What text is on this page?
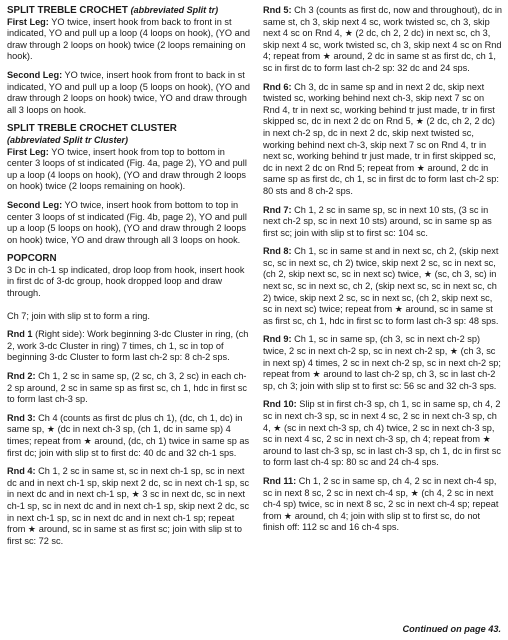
SPLIT TREBLE CROCHET (abbreviated Split tr)

First Leg: YO twice, insert hook from back to front in st indicated, YO and pull up a loop (4 loops on hook), (YO and draw through 2 loops on hook) twice (2 loops remaining on hook).

Second Leg: YO twice, insert hook from front to back in st indicated, YO and pull up a loop (5 loops on hook), (YO and draw through 2 loops on hook) twice, YO and draw through all 3 loops on hook.

SPLIT TREBLE CROCHET CLUSTER

(abbreviated Split tr Cluster)

First Leg: YO twice, insert hook from top to bottom in center 3 loops of st indicated (Fig. 4a, page 2), YO and pull up a loop (4 loops on hook), (YO and draw through 2 loops on hook) twice (2 loops remaining on hook).

Second Leg: YO twice, insert hook from bottom to top in center 3 loops of st indicated (Fig. 4b, page 2), YO and pull up a loop (5 loops on hook), (YO and draw through 2 loops on hook) twice, YO and draw through all 3 loops on hook.

POPCORN

3 Dc in ch-1 sp indicated, drop loop from hook, insert hook in first dc of 3-dc group, hook dropped loop and draw through.

Ch 7; join with slip st to form a ring.

Rnd 1 (Right side): Work beginning 3-dc Cluster in ring, (ch 2, work 3-dc Cluster in ring) 7 times, ch 1, sc in top of beginning 3-dc Cluster to form last ch-2 sp: 8 ch-2 sps.

Rnd 2: Ch 1, 2 sc in same sp, (2 sc, ch 3, 2 sc) in each ch-2 sp around, 2 sc in same sp as first sc, ch 1, hdc in first sc to form last ch-3 sp.

Rnd 3: Ch 4 (counts as first dc plus ch 1), (dc, ch 1, dc) in same sp, ★ (dc in next ch-3 sp, (ch 1, dc in same sp) 4 times; repeat from ★ around, (dc, ch 1) twice in same sp as first dc; join with slip st to first dc: 40 dc and 32 ch-1 sps.

Rnd 4: Ch 1, 2 sc in same st, sc in next ch-1 sp, sc in next dc and in next ch-1 sp, skip next 2 dc, sc in next ch-1 sp, sc in next dc and in next ch-1 sp, ★ 3 sc in next dc, sc in next ch-1 sp, sc in next dc and in next ch-1 sp, skip next 2 dc, sc in next ch-1 sp, sc in next dc and in next ch-1 sp; repeat from ★ around, sc in same st as first sc; join with slip st to first sc: 72 sc.

Rnd 5: Ch 3 (counts as first dc, now and throughout), dc in same st, ch 3, skip next 4 sc, work twisted sc, ch 3, skip next 4 sc on Rnd 4, ★ (2 dc, ch 2, 2 dc) in next sc, ch 3, skip next 4 sc, work twisted sc, ch 3, skip next 4 sc on Rnd 4; repeat from ★ around, 2 dc in same st as first dc, ch 1, sc in first dc to form last ch-2 sp: 32 dc and 24 sps.

Rnd 6: Ch 3, dc in same sp and in next 2 dc, skip next twisted sc, working behind next ch-3, skip next 7 sc on Rnd 4, tr in next sc, working behind tr just made, tr in first skipped sc, dc in next 2 dc on Rnd 5, ★ (2 dc, ch 2, 2 dc) in next ch-2 sp, dc in next 2 dc, skip next twisted sc, working behind next ch-3, skip next 7 sc on Rnd 4, tr in next sc, working behind tr just made, tr in first skipped sc, dc in next 2 dc on Rnd 5; repeat from ★ around, 2 dc in same sp as first dc, ch 1, sc in first dc to form last ch-2 sp: 80 sts and 8 ch-2 sps.

Rnd 7: Ch 1, 2 sc in same sp, sc in next 10 sts, (3 sc in next ch-2 sp, sc in next 10 sts) around, sc in same sp as first sc; join with slip st to first sc: 104 sc.

Rnd 8: Ch 1, sc in same st and in next sc, ch 2, (skip next sc, sc in next sc, ch 2) twice, skip next 2 sc, sc in next sc, (ch 2, skip next sc, sc in next sc) twice, ★ (sc, ch 3, sc) in next sc, sc in next sc, ch 2, (skip next sc, sc in next sc, ch 2) twice, skip next 2 sc, sc in next sc, (ch 2, skip next sc, sc in next sc) twice; repeat from ★ around, sc in same st as first sc, ch 1, hdc in first sc to form last ch-3 sp: 48 sps.

Rnd 9: Ch 1, sc in same sp, (ch 3, sc in next ch-2 sp) twice, 2 sc in next ch-2 sp, sc in next ch-2 sp, ★ (ch 3, sc in next sp) 4 times, 2 sc in next ch-2 sp, sc in next ch-2 sp; repeat from ★ around to last ch-2 sp, ch 3, sc in last ch-2 sp, ch 3; join with slip st to first sc: 56 sc and 32 ch-3 sps.

Rnd 10: Slip st in first ch-3 sp, ch 1, sc in same sp, ch 4, 2 sc in next ch-3 sp, sc in next 4 sc, 2 sc in next ch-3 sp, ch 4, ★ (sc in next ch-3 sp, ch 4) twice, 2 sc in next ch-3 sp, sc in next 4 sc, 2 sc in next ch-3 sp, ch 4; repeat from ★ around to last ch-3 sp, sc in last ch-3 sp, ch 1, dc in first sc to form last ch-4 sp: 80 sc and 24 ch-4 sps.

Rnd 11: Ch 1, 2 sc in same sp, ch 4, 2 sc in next ch-4 sp, sc in next 8 sc, 2 sc in next ch-4 sp, ★ (ch 4, 2 sc in next ch-4 sp) twice, sc in next 8 sc, 2 sc in next ch-4 sp; repeat from ★ around, ch 4; join with slip st to first sc, do not finish off: 112 sc and 16 ch-4 sps.

Continued on page 43.
